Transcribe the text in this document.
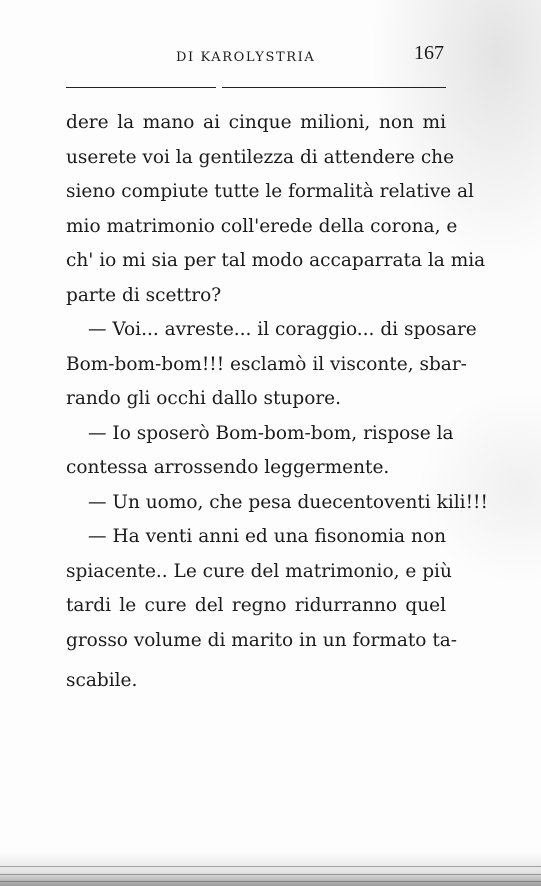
DI KAROLYSTRIA	167
dere la mano ai cinque milioni, non mi
userete voi la gentilezza di attendere che
sieno compiute tutte le formalità relative al
mio matrimonio coll'erede della corona, e
ch' io mi sia per tal modo accaparrata la mia
parte di scettro?
— Voi... avreste... il coraggio... di sposare
Bom-bom-bom!!! esclamò il visconte, sbar-
rando gli occhi dallo stupore.
— Io sposerò Bom-bom-bom, rispose la
contessa arrossendo leggermente.
— Un uomo, che pesa duecentoventi kili!!!
— Ha venti anni ed una fisonomia non
spiacente.. Le cure del matrimonio, e più
tardi le cure del regno ridurranno quel
grosso volume di marito in un formato ta-
scabile.
